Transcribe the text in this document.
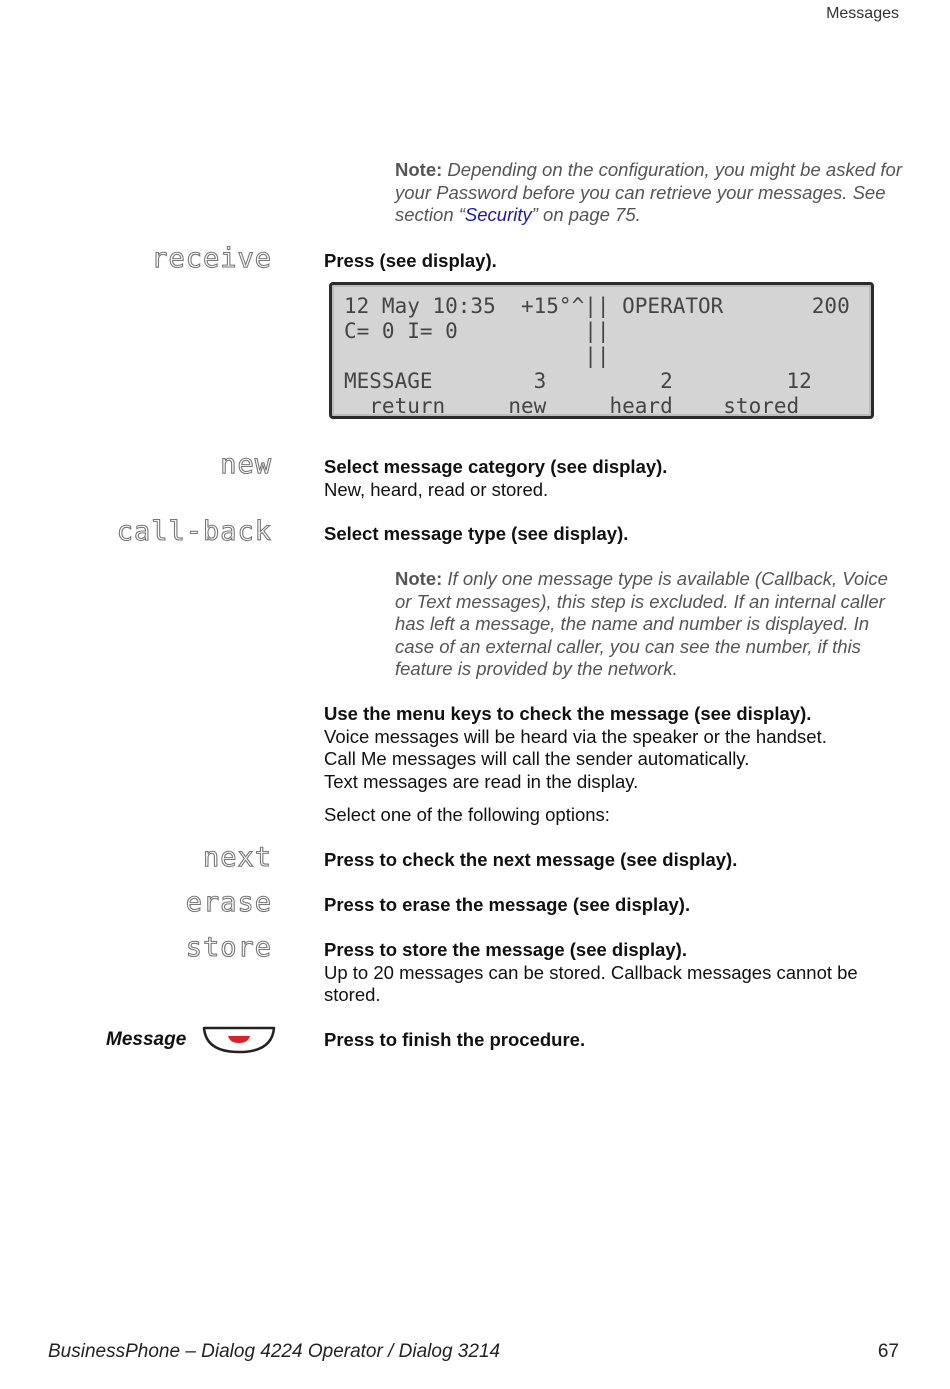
Messages
Note: Depending on the configuration, you might be asked for your Password before you can retrieve your messages. See section “Security” on page 75.
receive	Press (see display).
12 May 10:35  +15°^|| OPERATOR       200
C= 0 I= 0          ||
||
MESSAGE        3         2         12
return     new     heard    stored
new	Select message category (see display).
New, heard, read or stored.
call-back	Select message type (see display).
Note: If only one message type is available (Callback, Voice or Text messages), this step is excluded. If an internal caller has left a message, the name and number is displayed. In case of an external caller, you can see the number, if this feature is provided by the network.
Use the menu keys to check the message (see display).
Voice messages will be heard via the speaker or the handset.
Call Me messages will call the sender automatically.
Text messages are read in the display.
Select one of the following options:
next	Press to check the next message (see display).
erase	Press to erase the message (see display).
store	Press to store the message (see display).
Up to 20 messages can be stored. Callback messages cannot be stored.
Message	Press to finish the procedure.
BusinessPhone – Dialog 4224 Operator / Dialog 3214	67
